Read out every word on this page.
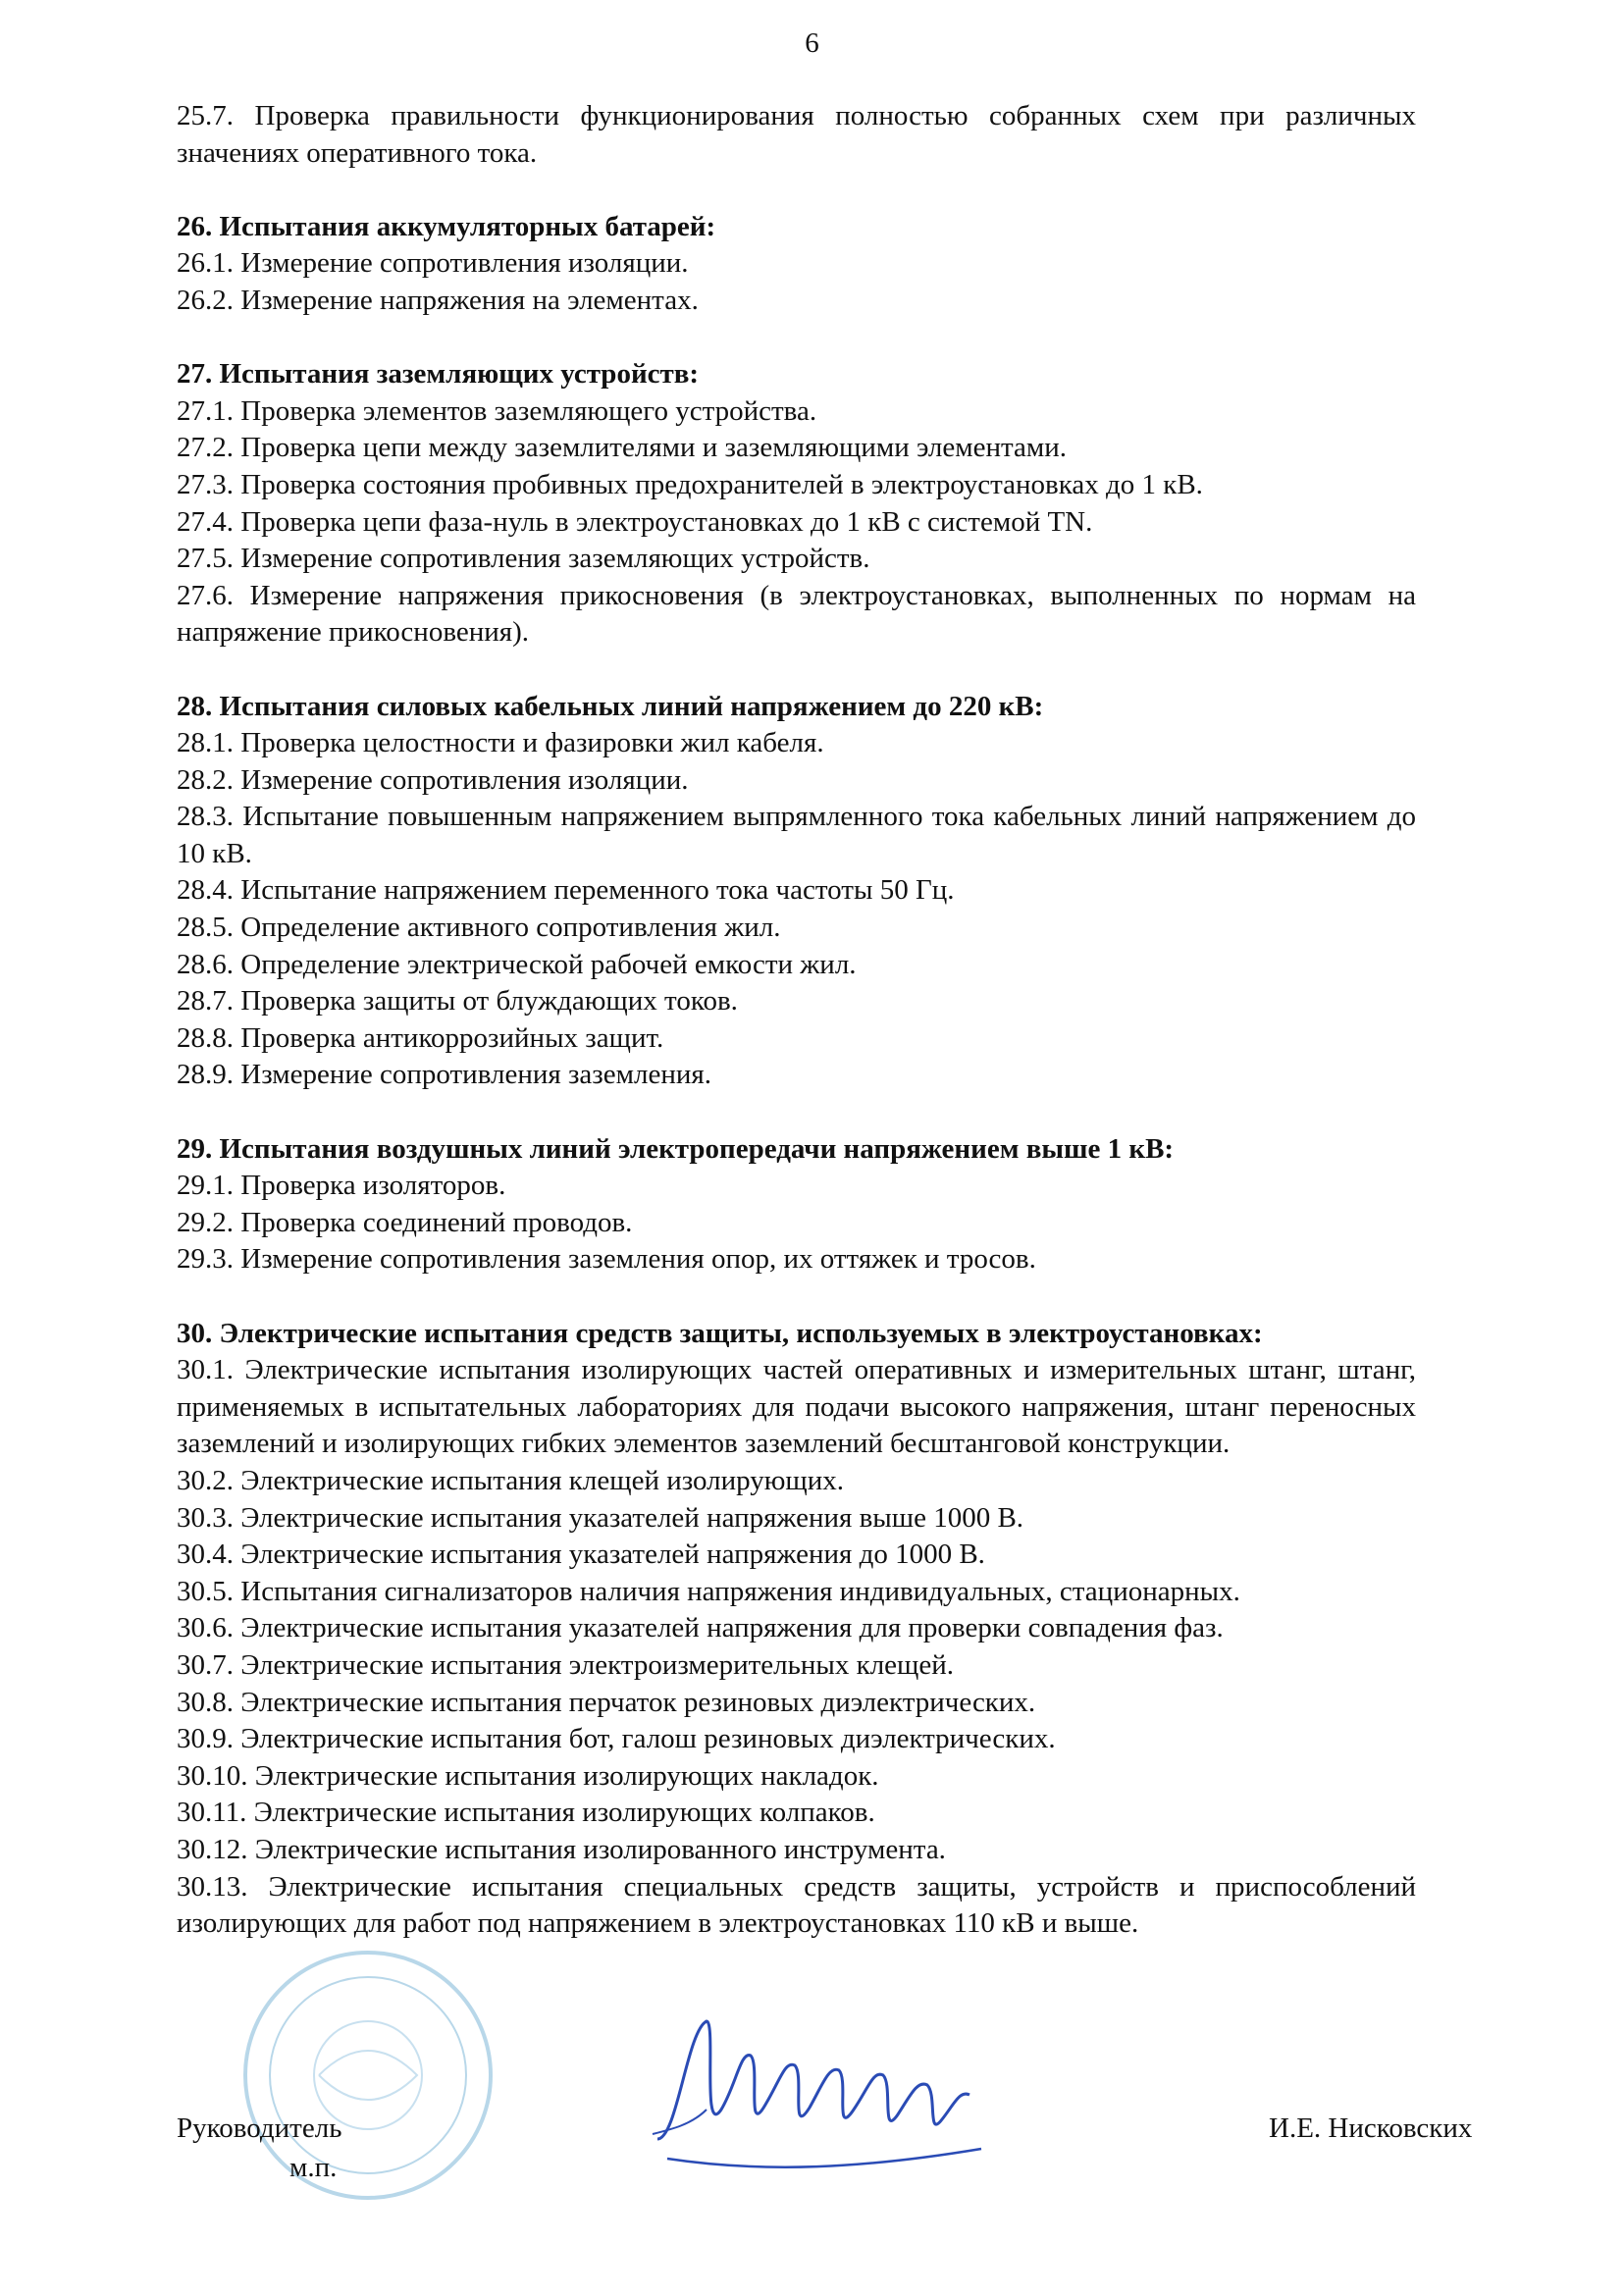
6

25.7. Проверка правильности функционирования полностью собранных схем при различных значениях оперативного тока.

26. Испытания аккумуляторных батарей:

26.1. Измерение сопротивления изоляции.

26.2. Измерение напряжения на элементах.

27. Испытания заземляющих устройств:

27.1. Проверка элементов заземляющего устройства.

27.2. Проверка цепи между заземлителями и заземляющими элементами.

27.3. Проверка состояния пробивных предохранителей в электроустановках до 1 кВ.

27.4. Проверка цепи фаза-нуль в электроустановках до 1 кВ с системой TN.

27.5. Измерение сопротивления заземляющих устройств.

27.6. Измерение напряжения прикосновения (в электроустановках, выполненных по нормам на напряжение прикосновения).

28. Испытания силовых кабельных линий напряжением до 220 кВ:

28.1. Проверка целостности и фазировки жил кабеля.

28.2. Измерение сопротивления изоляции.

28.3. Испытание повышенным напряжением выпрямленного тока кабельных линий напряжением до 10 кВ.

28.4. Испытание напряжением переменного тока частоты 50 Гц.

28.5. Определение активного сопротивления жил.

28.6. Определение электрической рабочей емкости жил.

28.7. Проверка защиты от блуждающих токов.

28.8. Проверка антикоррозийных защит.

28.9. Измерение сопротивления заземления.

29. Испытания воздушных линий электропередачи напряжением выше 1 кВ:

29.1. Проверка изоляторов.

29.2. Проверка соединений проводов.

29.3. Измерение сопротивления заземления опор, их оттяжек и тросов.

30. Электрические испытания средств защиты, используемых в электроустановках:

30.1. Электрические испытания изолирующих частей оперативных и измерительных штанг, штанг, применяемых в испытательных лабораториях для подачи высокого напряжения, штанг переносных заземлений и изолирующих гибких элементов заземлений бесштанговой конструкции.

30.2. Электрические испытания клещей изолирующих.

30.3. Электрические испытания указателей напряжения выше 1000 В.

30.4. Электрические испытания указателей напряжения до 1000 В.

30.5. Испытания сигнализаторов наличия напряжения индивидуальных, стационарных.

30.6. Электрические испытания указателей напряжения для проверки совпадения фаз.

30.7. Электрические испытания электроизмерительных клещей.

30.8. Электрические испытания перчаток резиновых диэлектрических.

30.9. Электрические испытания бот, галош резиновых диэлектрических.

30.10. Электрические испытания изолирующих накладок.

30.11. Электрические испытания изолирующих колпаков.

30.12. Электрические испытания изолированного инструмента.

30.13. Электрические испытания специальных средств защиты, устройств и приспособлений изолирующих для работ под напряжением в электроустановках 110 кВ и выше.

Руководитель
м.п.
И.Е. Нисковских
